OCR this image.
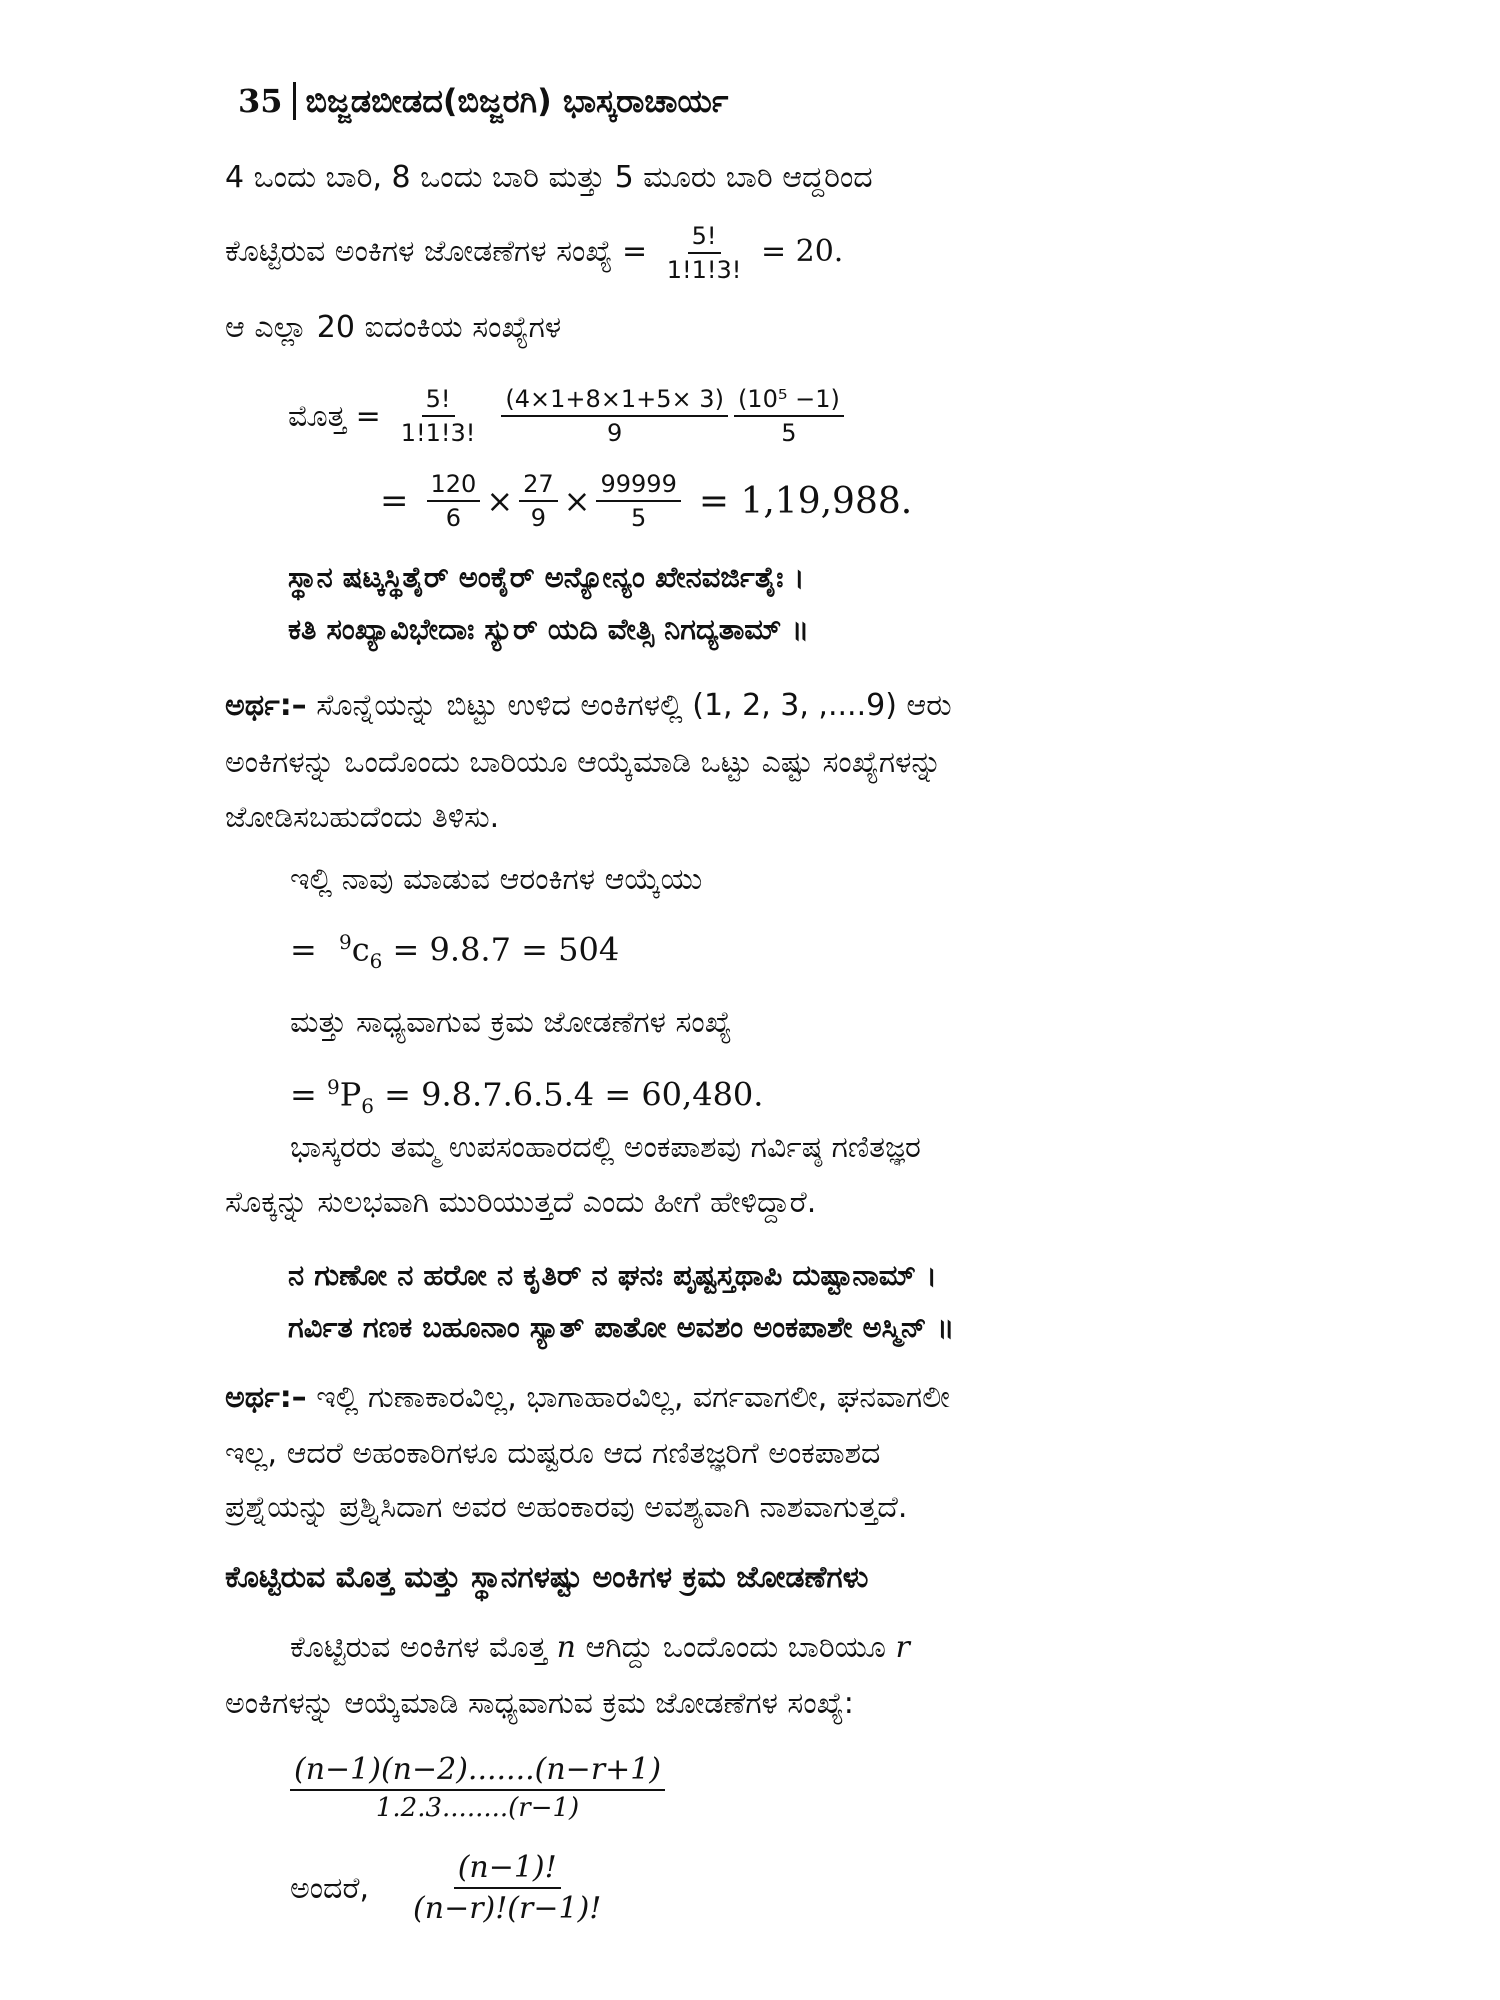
35 ಬಿಜ್ಜಡಬೀಡದ(ಬಿಜ್ಜರಗಿ) ಭಾಸ್ಕರಾಚಾರ್ಯ
4 ಒಂದು ಬಾರಿ, 8 ಒಂದು ಬಾರಿ ಮತ್ತು 5 ಮೂರು ಬಾರಿ ಆದ್ದರಿಂದ
ಕೊಟ್ಟಿರುವ ಅಂಕಿಗಳ ಜೋಡಣೆಗಳ ಸಂಖ್ಯೆ = $\frac{5!}{1!1!3!} = 20$.
ಆ ಎಲ್ಲಾ 20 ಐದಂಕಿಯ ಸಂಖ್ಯೆಗಳ
ಮೊತ್ತ = $\frac{5!}{1!1!3!} \frac{(4\times 1+8\times 1+5\times 3)}{9} \frac{\text{(10⁵ −1)}}{5}$
= $\frac{120}{6} \times \frac{27}{9} \times \frac{99999}{5} = 1,19,988$.
ಸ್ಥಾನ ಷಟ್ಕಸ್ಥಿತೈರ್ ಅಂಕೈರ್ ಅನ್ಯೋನ್ಯಂ ಖೇನವರ್ಜಿತೈಃ ।
ಕತಿ ಸಂಖ್ಯಾವಿಭೇದಾಃ ಸ್ಯುರ್ ಯದಿ ವೇತ್ಸಿ ನಿಗದ್ಯತಾಮ್ ॥
ಅರ್ಥ:– ಸೊನ್ನೆಯನ್ನು ಬಿಟ್ಟು ಉಳಿದ ಅಂಕಿಗಳಲ್ಲಿ (1, 2, 3, ,....9) ಆರು
ಅಂಕಿಗಳನ್ನು ಒಂದೊಂದು ಬಾರಿಯೂ ಆಯ್ಕೆಮಾಡಿ ಒಟ್ಟು ಎಷ್ಟು ಸಂಖ್ಯೆಗಳನ್ನು
ಜೋಡಿಸಬಹುದೆಂದು ತಿಳಿಸು.
ಇಲ್ಲಿ ನಾವು ಮಾಡುವ ಆರಂಕಿಗಳ ಆಯ್ಕೆಯು
= $^9c_6 = 9.8.7 = 504$
ಮತ್ತು ಸಾಧ್ಯವಾಗುವ ಕ್ರಮ ಜೋಡಣೆಗಳ ಸಂಖ್ಯೆ
= $^9P_6 = 9.8.7.6.5.4 = 60,480$.
ಭಾಸ್ಕರರು ತಮ್ಮ ಉಪಸಂಹಾರದಲ್ಲಿ ಅಂಕಪಾಶವು ಗರ್ವಿಷ್ಠ ಗಣಿತಜ್ಞರ
ಸೊಕ್ಕನ್ನು ಸುಲಭವಾಗಿ ಮುರಿಯುತ್ತದೆ ಎಂದು ಹೀಗೆ ಹೇಳಿದ್ದಾರೆ.
ನ ಗುಣೋ ನ ಹರೋ ನ ಕೃತಿರ್ ನ ಘನಃ ಪೃಷ್ಟಸ್ತಥಾಪಿ ದುಷ್ಟಾನಾಮ್ ।
ಗರ್ವಿತ ಗಣಕ ಬಹೂನಾಂ ಸ್ಯಾತ್ ಪಾತೋ ಅವಶಂ ಅಂಕಪಾಶೇ ಅಸ್ಮಿನ್ ॥
ಅರ್ಥ:– ಇಲ್ಲಿ ಗುಣಾಕಾರವಿಲ್ಲ, ಭಾಗಾಹಾರವಿಲ್ಲ, ವರ್ಗವಾಗಲೀ, ಘನವಾಗಲೀ
ಇಲ್ಲ, ಆದರೆ ಅಹಂಕಾರಿಗಳೂ ದುಷ್ಟರೂ ಆದ ಗಣಿತಜ್ಞರಿಗೆ ಅಂಕಪಾಶದ
ಪ್ರಶ್ನೆಯನ್ನು ಪ್ರಶ್ನಿಸಿದಾಗ ಅವರ ಅಹಂಕಾರವು ಅವಶ್ಯವಾಗಿ ನಾಶವಾಗುತ್ತದೆ.
ಕೊಟ್ಟಿರುವ ಮೊತ್ತ ಮತ್ತು ಸ್ಥಾನಗಳಷ್ಟು ಅಂಕಿಗಳ ಕ್ರಮ ಜೋಡಣೆಗಳು
ಕೊಟ್ಟಿರುವ ಅಂಕಿಗಳ ಮೊತ್ತ n ಆಗಿದ್ದು ಒಂದೊಂದು ಬಾರಿಯೂ r
ಅಂಕಿಗಳನ್ನು ಆಯ್ಕೆಮಾಡಿ ಸಾಧ್ಯವಾಗುವ ಕ್ರಮ ಜೋಡಣೆಗಳ ಸಂಖ್ಯೆ:
$\frac{(n-1)(n-2).......(n-r+1)}{1.2.3........(r-1)}$
ಅಂದರೆ, $\frac{(n-1)!}{(n-r)!(r-1)!}$
